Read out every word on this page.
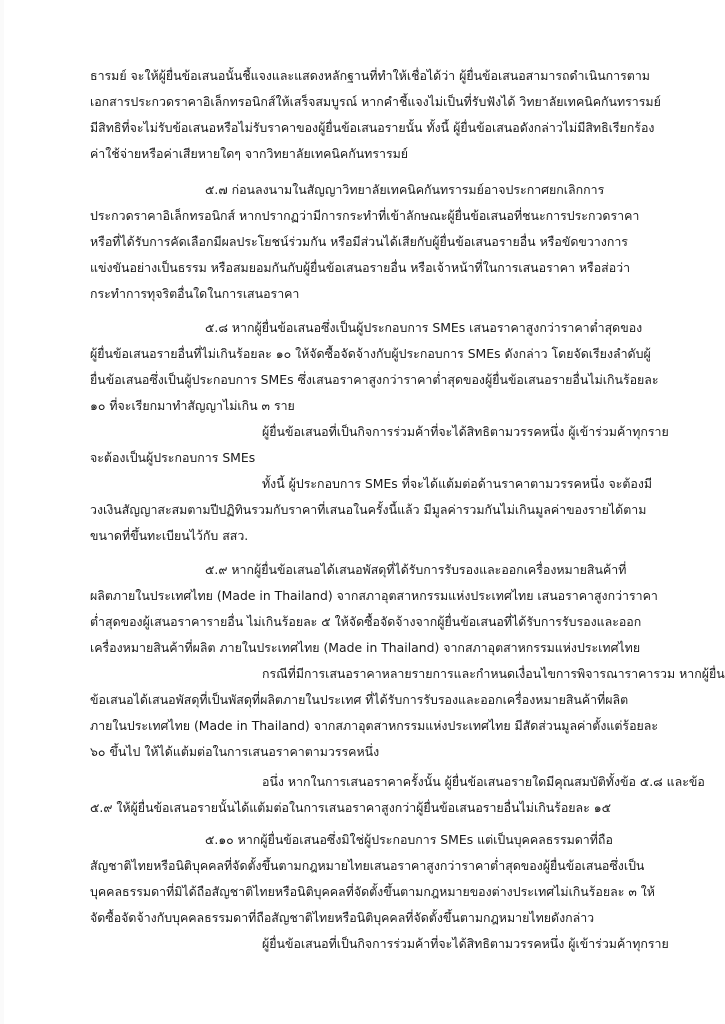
ธารมย์ จะให้ผู้ยื่นข้อเสนอนั้นชี้แจงและแสดงหลักฐานที่ทำให้เชื่อได้ว่า ผู้ยื่นข้อเสนอสามารถดำเนินการตาม
เอกสารประกวดราคาอิเล็กทรอนิกส์ให้เสร็จสมบูรณ์ หากคำชี้แจงไม่เป็นที่รับฟังได้ วิทยาลัยเทคนิคกันทรารมย์
มีสิทธิที่จะไม่รับข้อเสนอหรือไม่รับราคาของผู้ยื่นข้อเสนอรายนั้น ทั้งนี้ ผู้ยื่นข้อเสนอดังกล่าวไม่มีสิทธิเรียกร้อง
ค่าใช้จ่ายหรือค่าเสียหายใดๆ จากวิทยาลัยเทคนิคกันทรารมย์
๕.๗ ก่อนลงนามในสัญญาวิทยาลัยเทคนิคกันทรารมย์อาจประกาศยกเลิกการ
ประกวดราคาอิเล็กทรอนิกส์ หากปรากฏว่ามีการกระทำที่เข้าลักษณะผู้ยื่นข้อเสนอที่ชนะการประกวดราคา
หรือที่ได้รับการคัดเลือกมีผลประโยชน์ร่วมกัน หรือมีส่วนได้เสียกับผู้ยื่นข้อเสนอรายอื่น หรือขัดขวางการ
แข่งขันอย่างเป็นธรรม หรือสมยอมกันกับผู้ยื่นข้อเสนอรายอื่น หรือเจ้าหน้าที่ในการเสนอราคา หรือส่อว่า
กระทำการทุจริตอื่นใดในการเสนอราคา
๕.๘ หากผู้ยื่นข้อเสนอซึ่งเป็นผู้ประกอบการ SMEs เสนอราคาสูงกว่าราคาต่ำสุดของ
ผู้ยื่นข้อเสนอรายอื่นที่ไม่เกินร้อยละ ๑๐ ให้จัดซื้อจัดจ้างกับผู้ประกอบการ SMEs ดังกล่าว โดยจัดเรียงลำดับผู้
ยื่นข้อเสนอซึ่งเป็นผู้ประกอบการ SMEs ซึ่งเสนอราคาสูงกว่าราคาต่ำสุดของผู้ยื่นข้อเสนอรายอื่นไม่เกินร้อยละ
๑๐ ที่จะเรียกมาทำสัญญาไม่เกิน ๓ ราย
ผู้ยื่นข้อเสนอที่เป็นกิจการร่วมค้าที่จะได้สิทธิตามวรรคหนึ่ง ผู้เข้าร่วมค้าทุกราย
จะต้องเป็นผู้ประกอบการ SMEs
ทั้งนี้ ผู้ประกอบการ SMEs ที่จะได้แต้มต่อด้านราคาตามวรรคหนึ่ง จะต้องมี
วงเงินสัญญาสะสมตามปีปฏิทินรวมกับราคาที่เสนอในครั้งนี้แล้ว มีมูลค่ารวมกันไม่เกินมูลค่าของรายได้ตาม
ขนาดที่ขึ้นทะเบียนไว้กับ สสว.
๕.๙ หากผู้ยื่นข้อเสนอได้เสนอพัสดุที่ได้รับการรับรองและออกเครื่องหมายสินค้าที่
ผลิตภายในประเทศไทย (Made in Thailand) จากสภาอุตสาหกรรมแห่งประเทศไทย เสนอราคาสูงกว่าราคา
ต่ำสุดของผู้เสนอราคารายอื่น ไม่เกินร้อยละ ๕ ให้จัดซื้อจัดจ้างจากผู้ยื่นข้อเสนอที่ได้รับการรับรองและออก
เครื่องหมายสินค้าที่ผลิต ภายในประเทศไทย (Made in Thailand) จากสภาอุตสาหกรรมแห่งประเทศไทย
กรณีที่มีการเสนอราคาหลายรายการและกำหนดเงื่อนไขการพิจารณาราคารวม หากผู้ยื่น
ข้อเสนอได้เสนอพัสดุที่เป็นพัสดุที่ผลิตภายในประเทศ ที่ได้รับการรับรองและออกเครื่องหมายสินค้าที่ผลิต
ภายในประเทศไทย (Made in Thailand) จากสภาอุตสาหกรรมแห่งประเทศไทย มีสัดส่วนมูลค่าตั้งแต่ร้อยละ
๖๐ ขึ้นไป ให้ได้แต้มต่อในการเสนอราคาตามวรรคหนึ่ง
อนึ่ง หากในการเสนอราคาครั้งนั้น ผู้ยื่นข้อเสนอรายใดมีคุณสมบัติทั้งข้อ ๕.๘ และข้อ
๕.๙ ให้ผู้ยื่นข้อเสนอรายนั้นได้แต้มต่อในการเสนอราคาสูงกว่าผู้ยื่นข้อเสนอรายอื่นไม่เกินร้อยละ ๑๕
๕.๑๐ หากผู้ยื่นข้อเสนอซึ่งมิใช่ผู้ประกอบการ SMEs แต่เป็นบุคคลธรรมดาที่ถือ
สัญชาติไทยหรือนิติบุคคลที่จัดตั้งขึ้นตามกฎหมายไทยเสนอราคาสูงกว่าราคาต่ำสุดของผู้ยื่นข้อเสนอซึ่งเป็น
บุคคลธรรมดาที่มิได้ถือสัญชาติไทยหรือนิติบุคคลที่จัดตั้งขึ้นตามกฎหมายของต่างประเทศไม่เกินร้อยละ ๓ ให้
จัดซื้อจัดจ้างกับบุคคลธรรมดาที่ถือสัญชาติไทยหรือนิติบุคคลที่จัดตั้งขึ้นตามกฎหมายไทยดังกล่าว
ผู้ยื่นข้อเสนอที่เป็นกิจการร่วมค้าที่จะได้สิทธิตามวรรคหนึ่ง ผู้เข้าร่วมค้าทุกราย
